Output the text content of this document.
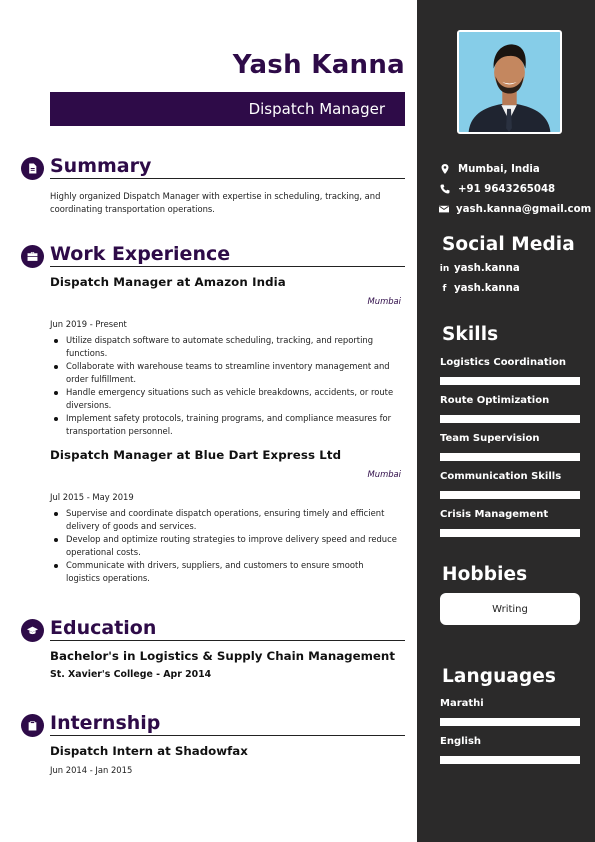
Mumbai, India
+91 9643265048
yash.kanna@gmail.com
Social Media
in yash.kanna
f yash.kanna
Skills
Logistics Coordination
Route Optimization
Team Supervision
Communication Skills
Crisis Management
Hobbies
Writing
Languages
Marathi
English
Yash Kanna
Dispatch Manager
Summary
Highly organized Dispatch Manager with expertise in scheduling, tracking, and coordinating transportation operations.
Work Experience
Dispatch Manager at Amazon India
Mumbai
Jun 2019 - Present
Utilize dispatch software to automate scheduling, tracking, and reporting functions.
Collaborate with warehouse teams to streamline inventory management and order fulfillment.
Handle emergency situations such as vehicle breakdowns, accidents, or route diversions.
Implement safety protocols, training programs, and compliance measures for transportation personnel.
Dispatch Manager at Blue Dart Express Ltd
Mumbai
Jul 2015 - May 2019
Supervise and coordinate dispatch operations, ensuring timely and efficient delivery of goods and services.
Develop and optimize routing strategies to improve delivery speed and reduce operational costs.
Communicate with drivers, suppliers, and customers to ensure smooth logistics operations.
Education
Bachelor's in Logistics & Supply Chain Management
St. Xavier's College - Apr 2014
Internship
Dispatch Intern at Shadowfax
Jun 2014 - Jan 2015
